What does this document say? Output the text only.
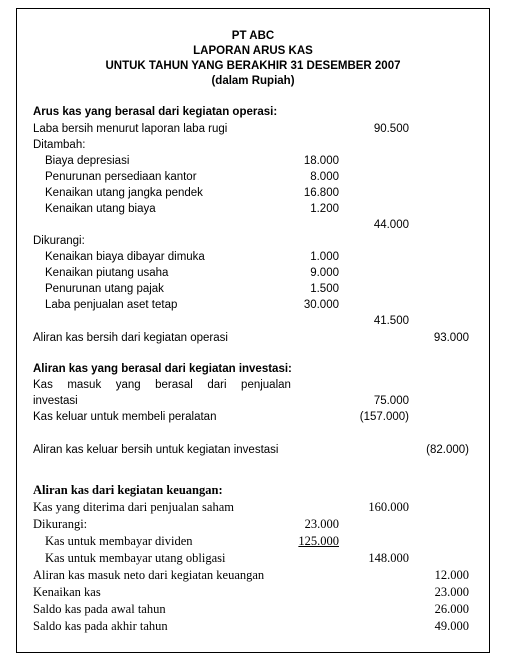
PT ABC
LAPORAN ARUS KAS
UNTUK TAHUN YANG BERAKHIR 31 DESEMBER 2007
(dalam Rupiah)
Arus kas yang berasal dari kegiatan operasi:
Laba bersih menurut laporan laba rugi	90.500
Ditambah:
Biaya depresiasi	18.000
Penurunan persediaan kantor	8.000
Kenaikan utang jangka pendek	16.800
Kenaikan utang biaya	1.200
44.000
Dikurangi:
Kenaikan biaya dibayar dimuka	1.000
Kenaikan piutang usaha	9.000
Penurunan utang pajak	1.500
Laba penjualan aset tetap	30.000
41.500
Aliran kas bersih dari kegiatan operasi	93.000
Aliran kas yang berasal dari kegiatan investasi:
Kas masuk yang berasal dari penjualan
investasi	75.000
Kas keluar untuk membeli peralatan	(157.000)
Aliran kas keluar bersih untuk kegiatan investasi	(82.000)
Aliran kas dari kegiatan keuangan:
Kas yang diterima dari penjualan saham	160.000
Dikurangi:	23.000
Kas untuk membayar dividen	125.000
Kas untuk membayar utang obligasi	148.000
Aliran kas masuk neto dari kegiatan keuangan	12.000
Kenaikan kas	23.000
Saldo kas pada awal tahun	26.000
Saldo kas pada akhir tahun	49.000
